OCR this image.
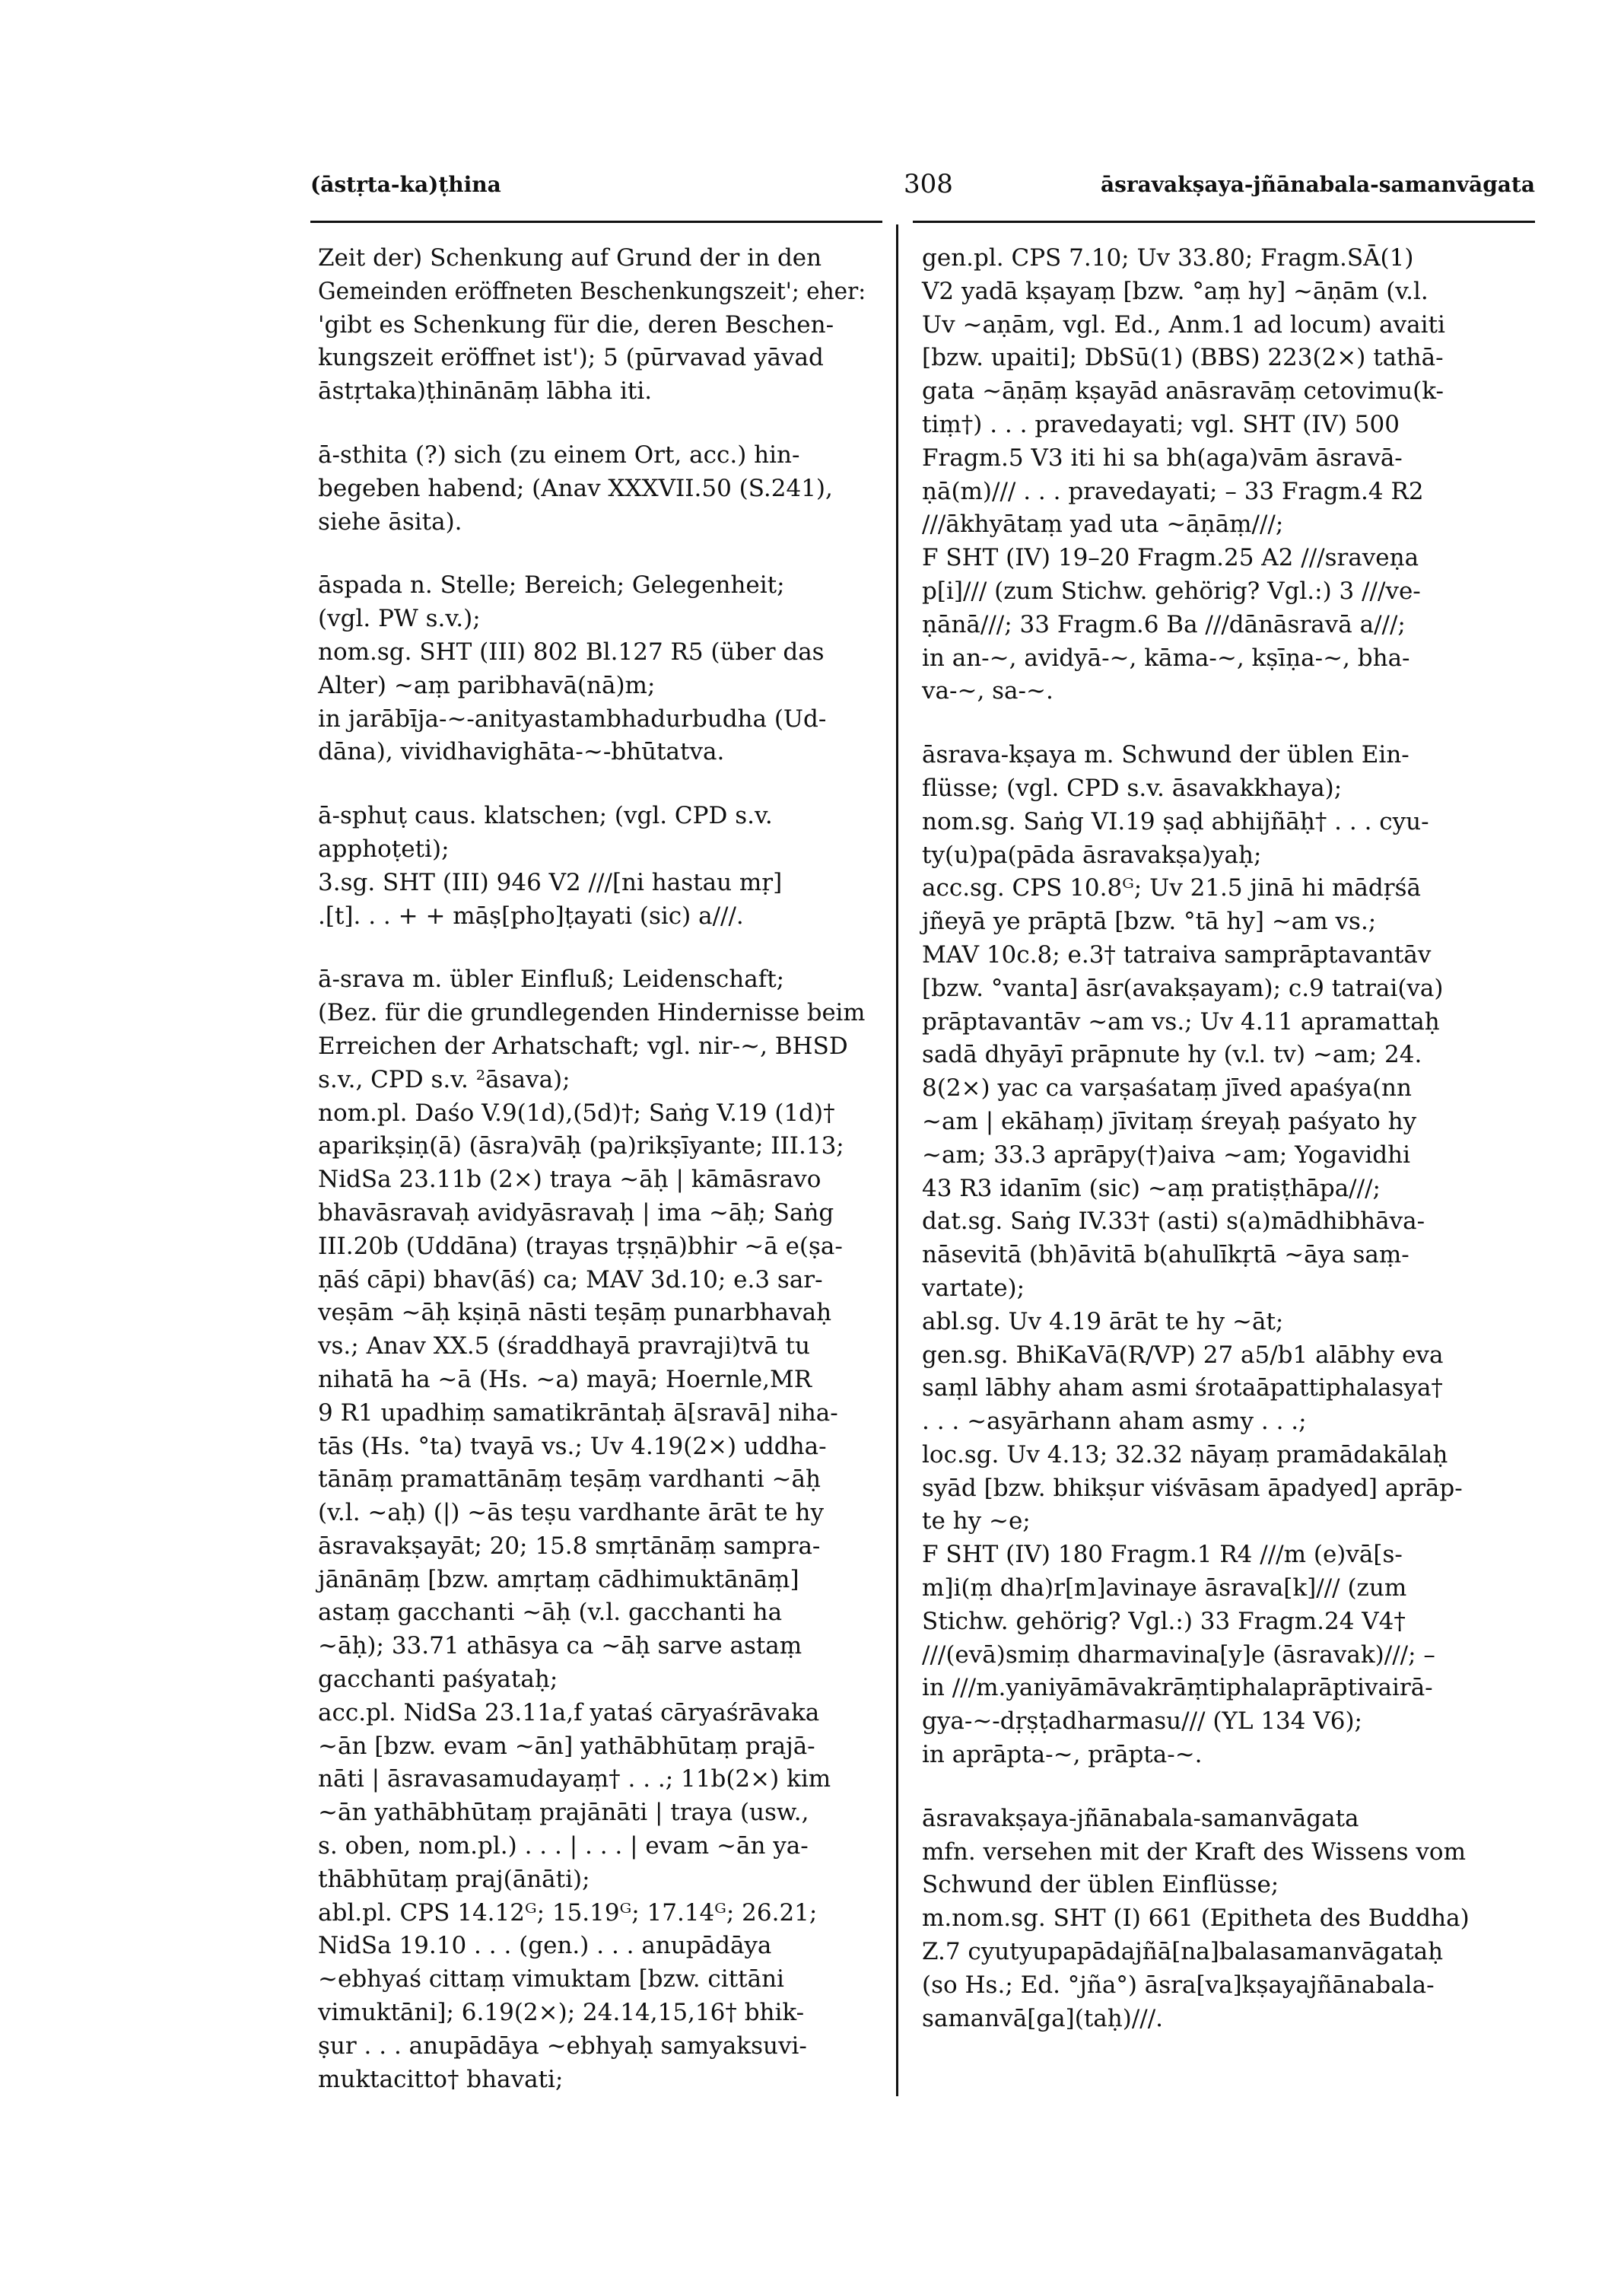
(āstṛta-ka)ṭhina	308	āsravakṣaya-jñānabala-samanvāgata
Zeit der) Schenkung auf Grund der in den
Gemeinden eröffneten Beschenkungszeit'; eher:
'gibt es Schenkung für die, deren Beschen-
kungszeit eröffnet ist'); 5 (pūrvavad yāvad
āstṛtaka)ṭhinānāṃ lābha iti.
ā-sthita (?) sich (zu einem Ort, acc.) hin-
begeben habend; (Anav XXXVII.50 (S.241),
siehe āsita).
āspada n. Stelle; Bereich; Gelegenheit;
(vgl. PW s.v.);
nom.sg. SHT (III) 802 Bl.127 R5 (über das
Alter) ~aṃ paribhavā(nā)m;
in jarābīja-~-anityastambhadurbudha (Ud-
dāna), vividhavighāta-~-bhūtatva.
ā-sphuṭ caus. klatschen; (vgl. CPD s.v.
apphoṭeti);
3.sg. SHT (III) 946 V2 ///[ni hastau mṛ]
.[t]. . . + + māṣ[pho]ṭayati (sic) a///.
ā-srava m. übler Einfluß; Leidenschaft;
(Bez. für die grundlegenden Hindernisse beim
Erreichen der Arhatschaft; vgl. nir-~, BHSD
s.v., CPD s.v. ²āsava);
nom.pl. Daśo V.9(1d),(5d)†; Saṅg V.19 (1d)†
aparikṣiṇ(ā) (āsra)vāḥ (pa)rikṣīyante; III.13;
NidSa 23.11b (2×) traya ~āḥ | kāmāsravo
bhavāsravaḥ avidyāsravaḥ | ima ~āḥ; Saṅg
III.20b (Uddāna) (trayas tṛṣṇā)bhir ~ā e(ṣa-
ṇāś cāpi) bhav(āś) ca; MAV 3d.10; e.3 sar-
veṣām ~āḥ kṣiṇā nāsti teṣāṃ punarbhavaḥ
vs.; Anav XX.5 (śraddhayā pravraji)tvā tu
nihatā ha ~ā (Hs. ~a) mayā; Hoernle,MR
9 R1 upadhiṃ samatikrāntaḥ ā[sravā] niha-
tās (Hs. °ta) tvayā vs.; Uv 4.19(2×) uddha-
tānāṃ pramattānāṃ teṣāṃ vardhanti ~āḥ
(v.l. ~aḥ) (|) ~ās teṣu vardhante ārāt te hy
āsravakṣayāt; 20; 15.8 smṛtānāṃ sampra-
jānānāṃ [bzw. amṛtaṃ cādhimuktānāṃ]
astaṃ gacchanti ~āḥ (v.l. gacchanti ha
~āḥ); 33.71 athāsya ca ~āḥ sarve astaṃ
gacchanti paśyataḥ;
acc.pl. NidSa 23.11a,f yataś cāryaśrāvaka
~ān [bzw. evam ~ān] yathābhūtaṃ prajā-
nāti | āsravasamudayaṃ† . . .; 11b(2×) kim
~ān yathābhūtaṃ prajānāti | traya (usw.,
s. oben, nom.pl.) . . . | . . . | evam ~ān ya-
thābhūtaṃ praj(ānāti);
abl.pl. CPS 14.12ᴳ; 15.19ᴳ; 17.14ᴳ; 26.21;
NidSa 19.10 . . . (gen.) . . . anupādāya
~ebhyaś cittaṃ vimuktam [bzw. cittāni
vimuktāni]; 6.19(2×); 24.14,15,16† bhik-
ṣur . . . anupādāya ~ebhyaḥ samyaksuvi-
muktacitto† bhavati;
gen.pl. CPS 7.10; Uv 33.80; Fragm.SĀ(1)
V2 yadā kṣayaṃ [bzw. °aṃ hy] ~āṇām (v.l.
Uv ~aṇām, vgl. Ed., Anm.1 ad locum) avaiti
[bzw. upaiti]; DbSū(1) (BBS) 223(2×) tathā-
gata ~āṇāṃ kṣayād anāsravāṃ cetovimu(k-
tiṃ†) . . . pravedayati; vgl. SHT (IV) 500
Fragm.5 V3 iti hi sa bh(aga)vām āsravā-
ṇā(m)/// . . . pravedayati; – 33 Fragm.4 R2
///ākhyātaṃ yad uta ~āṇāṃ///;
F SHT (IV) 19–20 Fragm.25 A2 ///sraveṇa
p[i]/// (zum Stichw. gehörig? Vgl.:) 3 ///ve-
ṇānā///; 33 Fragm.6 Ba ///dānāsravā a///;
in an-~, avidyā-~, kāma-~, kṣīṇa-~, bha-
va-~, sa-~.
āsrava-kṣaya m. Schwund der üblen Ein-
flüsse; (vgl. CPD s.v. āsavakkhaya);
nom.sg. Saṅg VI.19 ṣaḍ abhijñāḥ† . . . cyu-
ty(u)pa(pāda āsravakṣa)yaḥ;
acc.sg. CPS 10.8ᴳ; Uv 21.5 jinā hi mādṛśā
jñeyā ye prāptā [bzw. °tā hy] ~am vs.;
MAV 10c.8; e.3† tatraiva samprāptavantāv
[bzw. °vanta] āsr(avakṣayam); c.9 tatrai(va)
prāptavantāv ~am vs.; Uv 4.11 apramattaḥ
sadā dhyāyī prāpnute hy (v.l. tv) ~am; 24.
8(2×) yac ca varṣaśataṃ jīved apaśya(nn
~am | ekāhaṃ) jīvitaṃ śreyaḥ paśyato hy
~am; 33.3 aprāpy(†)aiva ~am; Yogavidhi
43 R3 idanīm (sic) ~aṃ pratiṣṭhāpa///;
dat.sg. Saṅg IV.33† (asti) s(a)mādhibhāva-
nāsevitā (bh)āvitā b(ahulīkṛtā ~āya saṃ-
vartate);
abl.sg. Uv 4.19 ārāt te hy ~āt;
gen.sg. BhiKaVā(R/VP) 27 a5/b1 alābhy eva
saṃl lābhy aham asmi śrotaāpattiphalasya†
. . . ~asyārhann aham asmy . . .;
loc.sg. Uv 4.13; 32.32 nāyaṃ pramādakālaḥ
syād [bzw. bhikṣur viśvāsam āpadyed] aprāp-
te hy ~e;
F SHT (IV) 180 Fragm.1 R4 ///m (e)vā[s-
m]i(ṃ dha)r[m]avinaye āsrava[k]/// (zum
Stichw. gehörig? Vgl.:) 33 Fragm.24 V4†
///(evā)smiṃ dharmavina[y]e (āsravak)///; –
in ///m.yaniyāmāvakrāṃtiphalaprāptivairā-
gya-~-dṛṣṭadharmasu/// (YL 134 V6);
in aprāpta-~, prāpta-~.
āsravakṣaya-jñānabala-samanvāgata
mfn. versehen mit der Kraft des Wissens vom
Schwund der üblen Einflüsse;
m.nom.sg. SHT (I) 661 (Epitheta des Buddha)
Z.7 cyutyupapādajñā[na]balasamanvāgataḥ
(so Hs.; Ed. °jña°) āsra[va]kṣayajñānabala-
samanvā[ga](taḥ)///.
